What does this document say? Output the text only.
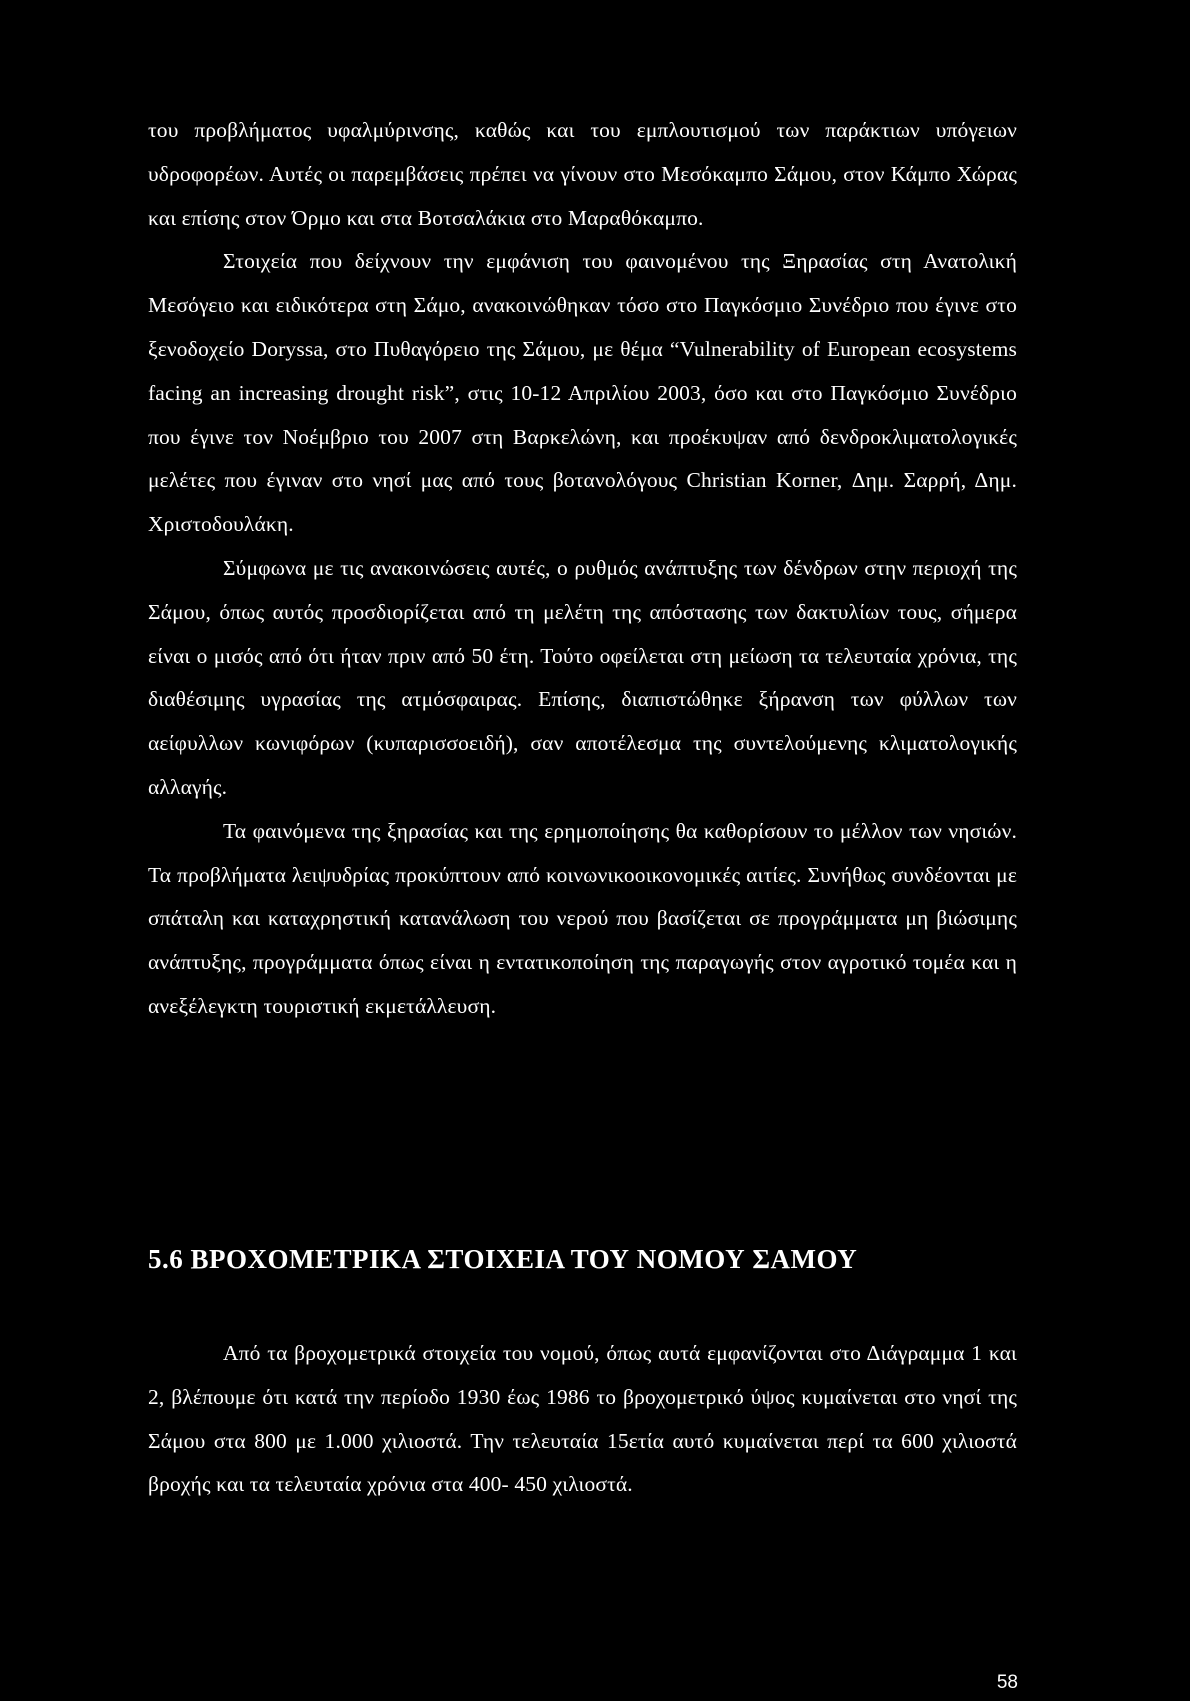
του προβλήματος υφαλμύρινσης, καθώς και του εμπλουτισμού των παράκτιων υπόγειων υδροφορέων. Αυτές οι παρεμβάσεις πρέπει να γίνουν στο Μεσόκαμπο Σάμου, στον Κάμπο Χώρας και επίσης στον Όρμο και στα Βοτσαλάκια στο Μαραθόκαμπο.

Στοιχεία που δείχνουν την εμφάνιση του φαινομένου της Ξηρασίας στη Ανατολική Μεσόγειο και ειδικότερα στη Σάμο, ανακοινώθηκαν τόσο στο Παγκόσμιο Συνέδριο που έγινε στο ξενοδοχείο Doryssa, στο Πυθαγόρειο της Σάμου, με θέμα “Vulnerability of European ecosystems facing an increasing drought risk”, στις 10-12 Απριλίου 2003, όσο και στο Παγκόσμιο Συνέδριο που έγινε τον Νοέμβριο του 2007 στη Βαρκελώνη, και προέκυψαν από δενδροκλιματολογικές μελέτες που έγιναν στο νησί μας από τους βοτανολόγους Christian Korner, Δημ. Σαρρή, Δημ. Χριστοδουλάκη.

Σύμφωνα με τις ανακοινώσεις αυτές, ο ρυθμός ανάπτυξης των δένδρων στην περιοχή της Σάμου, όπως αυτός προσδιορίζεται από τη μελέτη της απόστασης των δακτυλίων τους, σήμερα είναι ο μισός από ότι ήταν πριν από 50 έτη. Τούτο οφείλεται στη μείωση τα τελευταία χρόνια, της διαθέσιμης υγρασίας της ατμόσφαιρας. Επίσης, διαπιστώθηκε ξήρανση των φύλλων των αείφυλλων κωνιφόρων (κυπαρισσοειδή), σαν αποτέλεσμα της συντελούμενης κλιματολογικής αλλαγής.

Τα φαινόμενα της ξηρασίας και της ερημοποίησης θα καθορίσουν το μέλλον των νησιών. Τα προβλήματα λειψυδρίας προκύπτουν από κοινωνικοοικονομικές αιτίες. Συνήθως συνδέονται με σπάταλη και καταχρηστική κατανάλωση του νερού που βασίζεται σε προγράμματα μη βιώσιμης ανάπτυξης, προγράμματα όπως είναι η εντατικοποίηση της παραγωγής στον αγροτικό τομέα και η ανεξέλεγκτη τουριστική εκμετάλλευση.

5.6 ΒΡΟΧΟΜΕΤΡΙΚΑ ΣΤΟΙΧΕΙΑ ΤΟΥ ΝΟΜΟΥ ΣΑΜΟΥ

Από τα βροχομετρικά στοιχεία του νομού, όπως αυτά εμφανίζονται στο Διάγραμμα 1 και 2, βλέπουμε ότι κατά την περίοδο 1930 έως 1986 το βροχομετρικό ύψος κυμαίνεται στο νησί της Σάμου στα 800 με 1.000 χιλιοστά. Την τελευταία 15ετία αυτό κυμαίνεται περί τα 600 χιλιοστά βροχής και τα τελευταία χρόνια στα 400- 450 χιλιοστά.

58
